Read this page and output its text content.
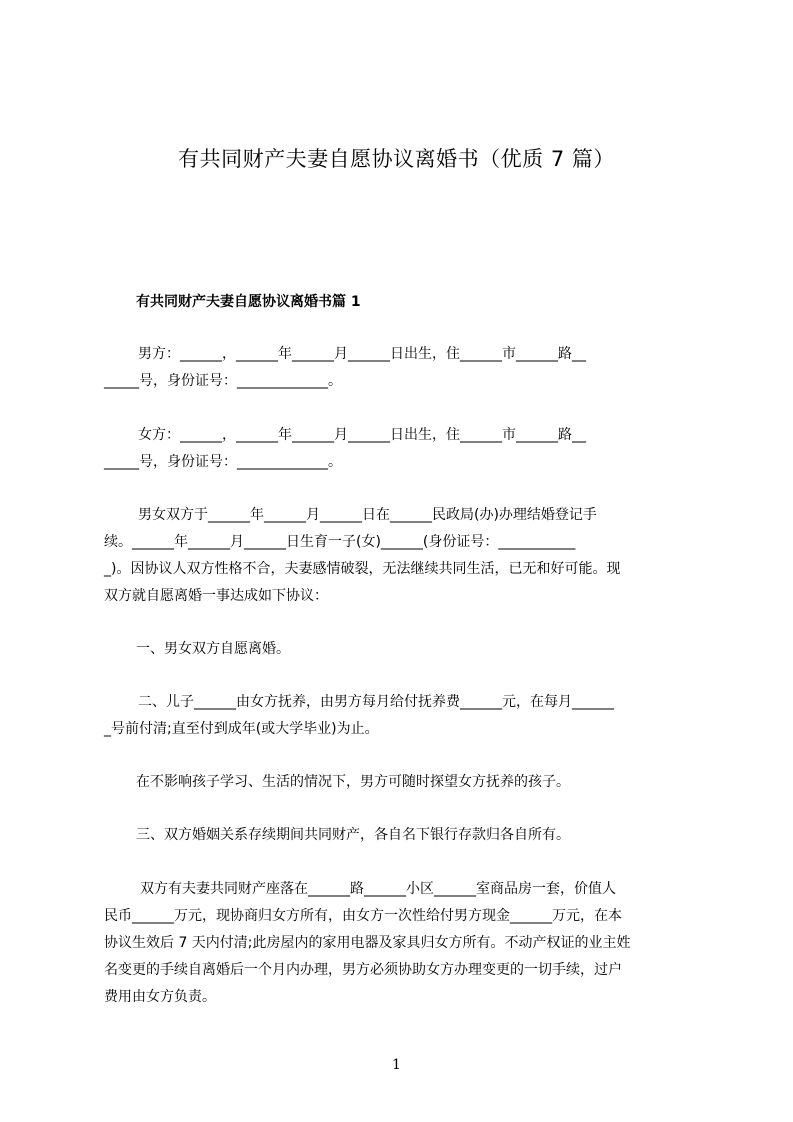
有共同财产夫妻自愿协议离婚书（优质 7 篇）
有共同财产夫妻自愿协议离婚书篇 1
男方：______，______年______月______日出生，住______市______路__
_____号，身份证号：_____________。
女方：______，______年______月______日出生，住______市______路__
_____号，身份证号：_____________。
男女双方于______年______月______日在______民政局(办)办理结婚登记手
续。______年______月______日生育一子(女)______(身份证号：___________
_)。因协议人双方性格不合，夫妻感情破裂，无法继续共同生活，已无和好可能。现
双方就自愿离婚一事达成如下协议：
一、男女双方自愿离婚。
二、儿子______由女方抚养，由男方每月给付抚养费______元，在每月______
_号前付清;直至付到成年(或大学毕业)为止。
在不影响孩子学习、生活的情况下，男方可随时探望女方抚养的孩子。
三、双方婚姻关系存续期间共同财产，各自名下银行存款归各自所有。
双方有夫妻共同财产座落在______路______小区______室商品房一套，价值人
民币______万元，现协商归女方所有，由女方一次性给付男方现金______万元，在本
协议生效后 7 天内付清;此房屋内的家用电器及家具归女方所有。不动产权证的业主姓
名变更的手续自离婚后一个月内办理，男方必须协助女方办理变更的一切手续，过户
费用由女方负责。
1
